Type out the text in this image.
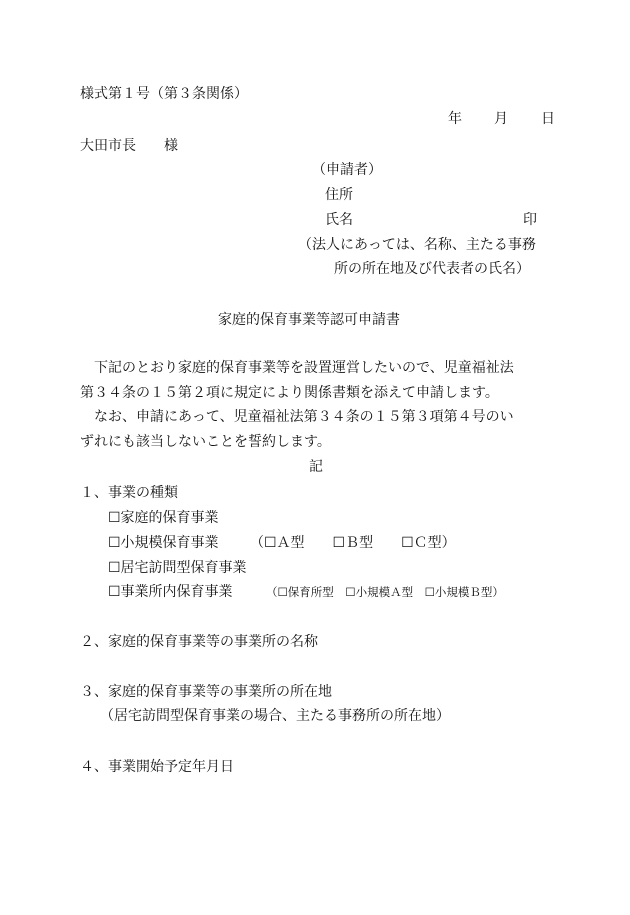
様式第１号（第３条関係）
年 月 日
大田市長　　様
（申請者）
住所
氏名	印
（法人にあっては、名称、主たる事務
所の所在地及び代表者の氏名）
家庭的保育事業等認可申請書
下記のとおり家庭的保育事業等を設置運営したいので、児童福祉法
第３４条の１５第２項に規定により関係書類を添えて申請します。
なお、申請にあって、児童福祉法第３４条の１５第３項第４号のい
ずれにも該当しないことを誓約します。
記
１、事業の種類
☐家庭的保育事業
☐小規模保育事業 （☐Ａ型　　☐Ｂ型　　☐Ｃ型）
☐居宅訪問型保育事業
☐事業所内保育事業	（☐保育所型　☐小規模Ａ型　☐小規模Ｂ型）
２、家庭的保育事業等の事業所の名称
３、家庭的保育事業等の事業所の所在地
（居宅訪問型保育事業の場合、主たる事務所の所在地）
４、事業開始予定年月日
